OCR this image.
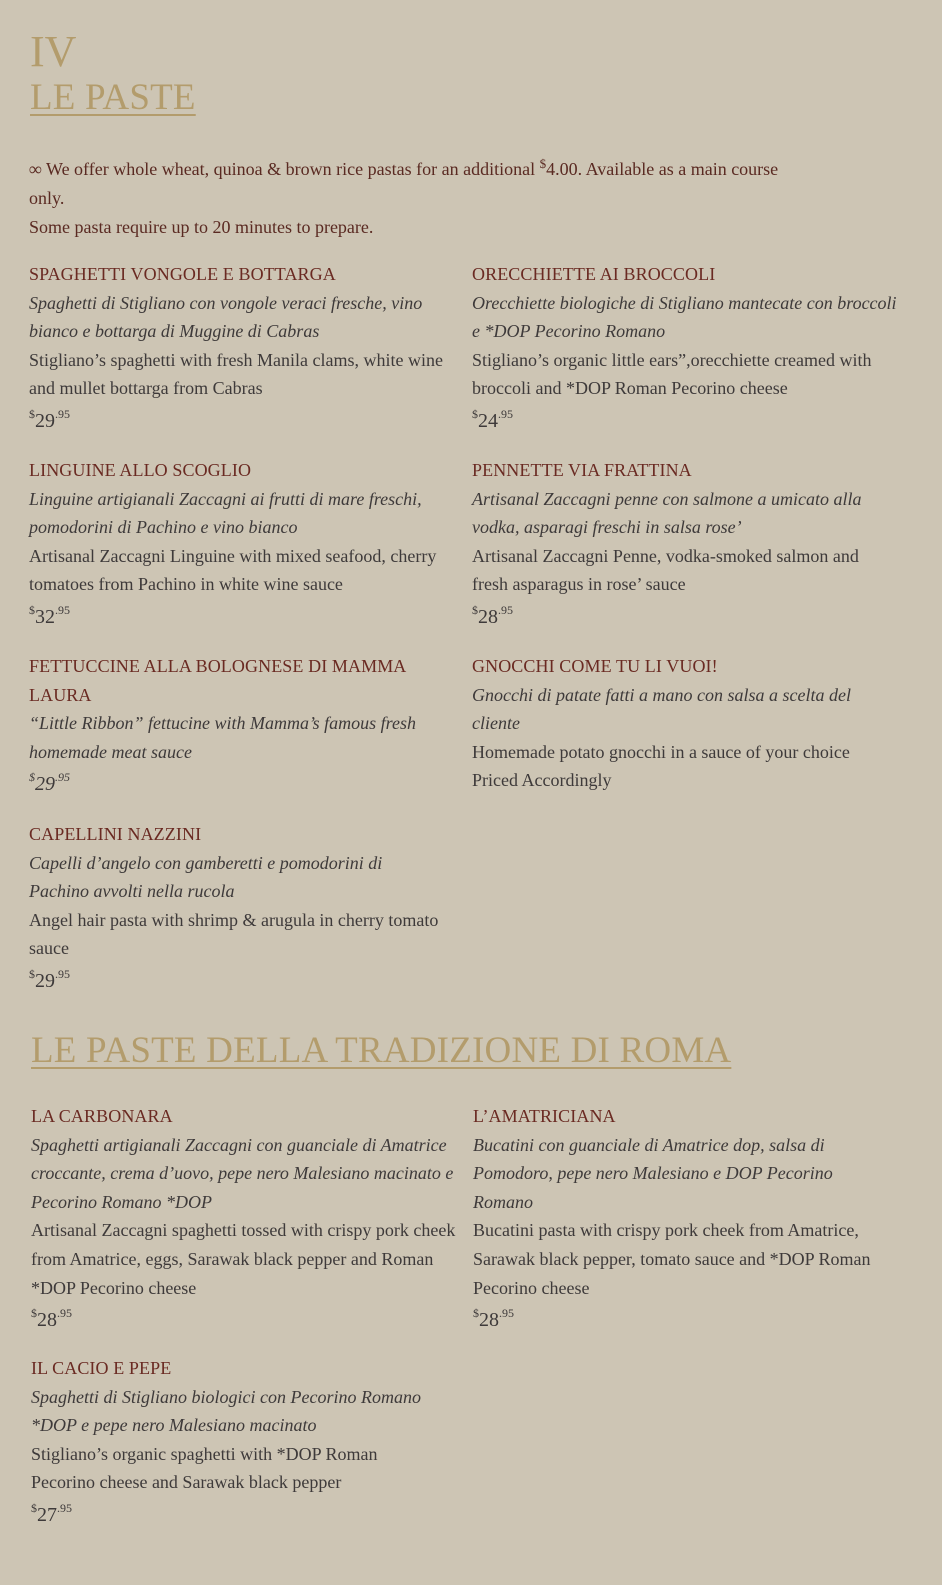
IV
LE PASTE
∞ We offer whole wheat, quinoa & brown rice pastas for an additional $4.00. Available as a main course
only.
Some pasta require up to 20 minutes to prepare.
SPAGHETTI VONGOLE E BOTTARGA
Spaghetti di Stigliano con vongole veraci fresche, vino bianco e bottarga di Muggine di Cabras
Stigliano’s spaghetti with fresh Manila clams, white wine and mullet bottarga from Cabras
$^{\$}29^{.95}$
ORECCHIETTE AI BROCCOLI
Orecchiette biologiche di Stigliano mantecate con broccoli e *DOP Pecorino Romano
Stigliano’s organic little ears”,orecchiette creamed with broccoli and *DOP Roman Pecorino cheese
$^{\$}24^{.95}$
LINGUINE ALLO SCOGLIO
Linguine artigianali Zaccagni ai frutti di mare freschi, pomodorini di Pachino e vino bianco
Artisanal Zaccagni Linguine with mixed seafood, cherry tomatoes from Pachino in white wine sauce
$^{\$}32^{.95}$
PENNETTE VIA FRATTINA
Artisanal Zaccagni penne con salmone a umicato alla vodka, asparagi freschi in salsa rose’
Artisanal Zaccagni Penne, vodka-smoked salmon and fresh asparagus in rose’ sauce
$^{\$}28^{.95}$
FETTUCCINE ALLA BOLOGNESE DI MAMMA LAURA
“Little Ribbon” fettucine with Mamma’s famous fresh homemade meat sauce
$^{\$}29^{.95}$
GNOCCHI COME TU LI VUOI!
Gnocchi di patate fatti a mano con salsa a scelta del cliente
Homemade potato gnocchi in a sauce of your choice
Priced Accordingly
CAPELLINI NAZZINI
Capelli d’angelo con gamberetti e pomodorini di Pachino avvolti nella rucola
Angel hair pasta with shrimp & arugula in cherry tomato sauce
$^{\$}29^{.95}$
LE PASTE DELLA TRADIZIONE DI ROMA
LA CARBONARA
Spaghetti artigianali Zaccagni con guanciale di Amatrice croccante, crema d’uovo, pepe nero Malesiano macinato e Pecorino Romano *DOP
Artisanal Zaccagni spaghetti tossed with crispy pork cheek from Amatrice, eggs, Sarawak black pepper and Roman *DOP Pecorino cheese
$^{\$}28^{.95}$
L’AMATRICIANA
Bucatini con guanciale di Amatrice dop, salsa di Pomodoro, pepe nero Malesiano e DOP Pecorino Romano
Bucatini pasta with crispy pork cheek from Amatrice, Sarawak black pepper, tomato sauce and *DOP Roman Pecorino cheese
$^{\$}28^{.95}$
IL CACIO E PEPE
Spaghetti di Stigliano biologici con Pecorino Romano *DOP e pepe nero Malesiano macinato
Stigliano’s organic spaghetti with *DOP Roman Pecorino cheese and Sarawak black pepper
$^{\$}27^{.95}$
